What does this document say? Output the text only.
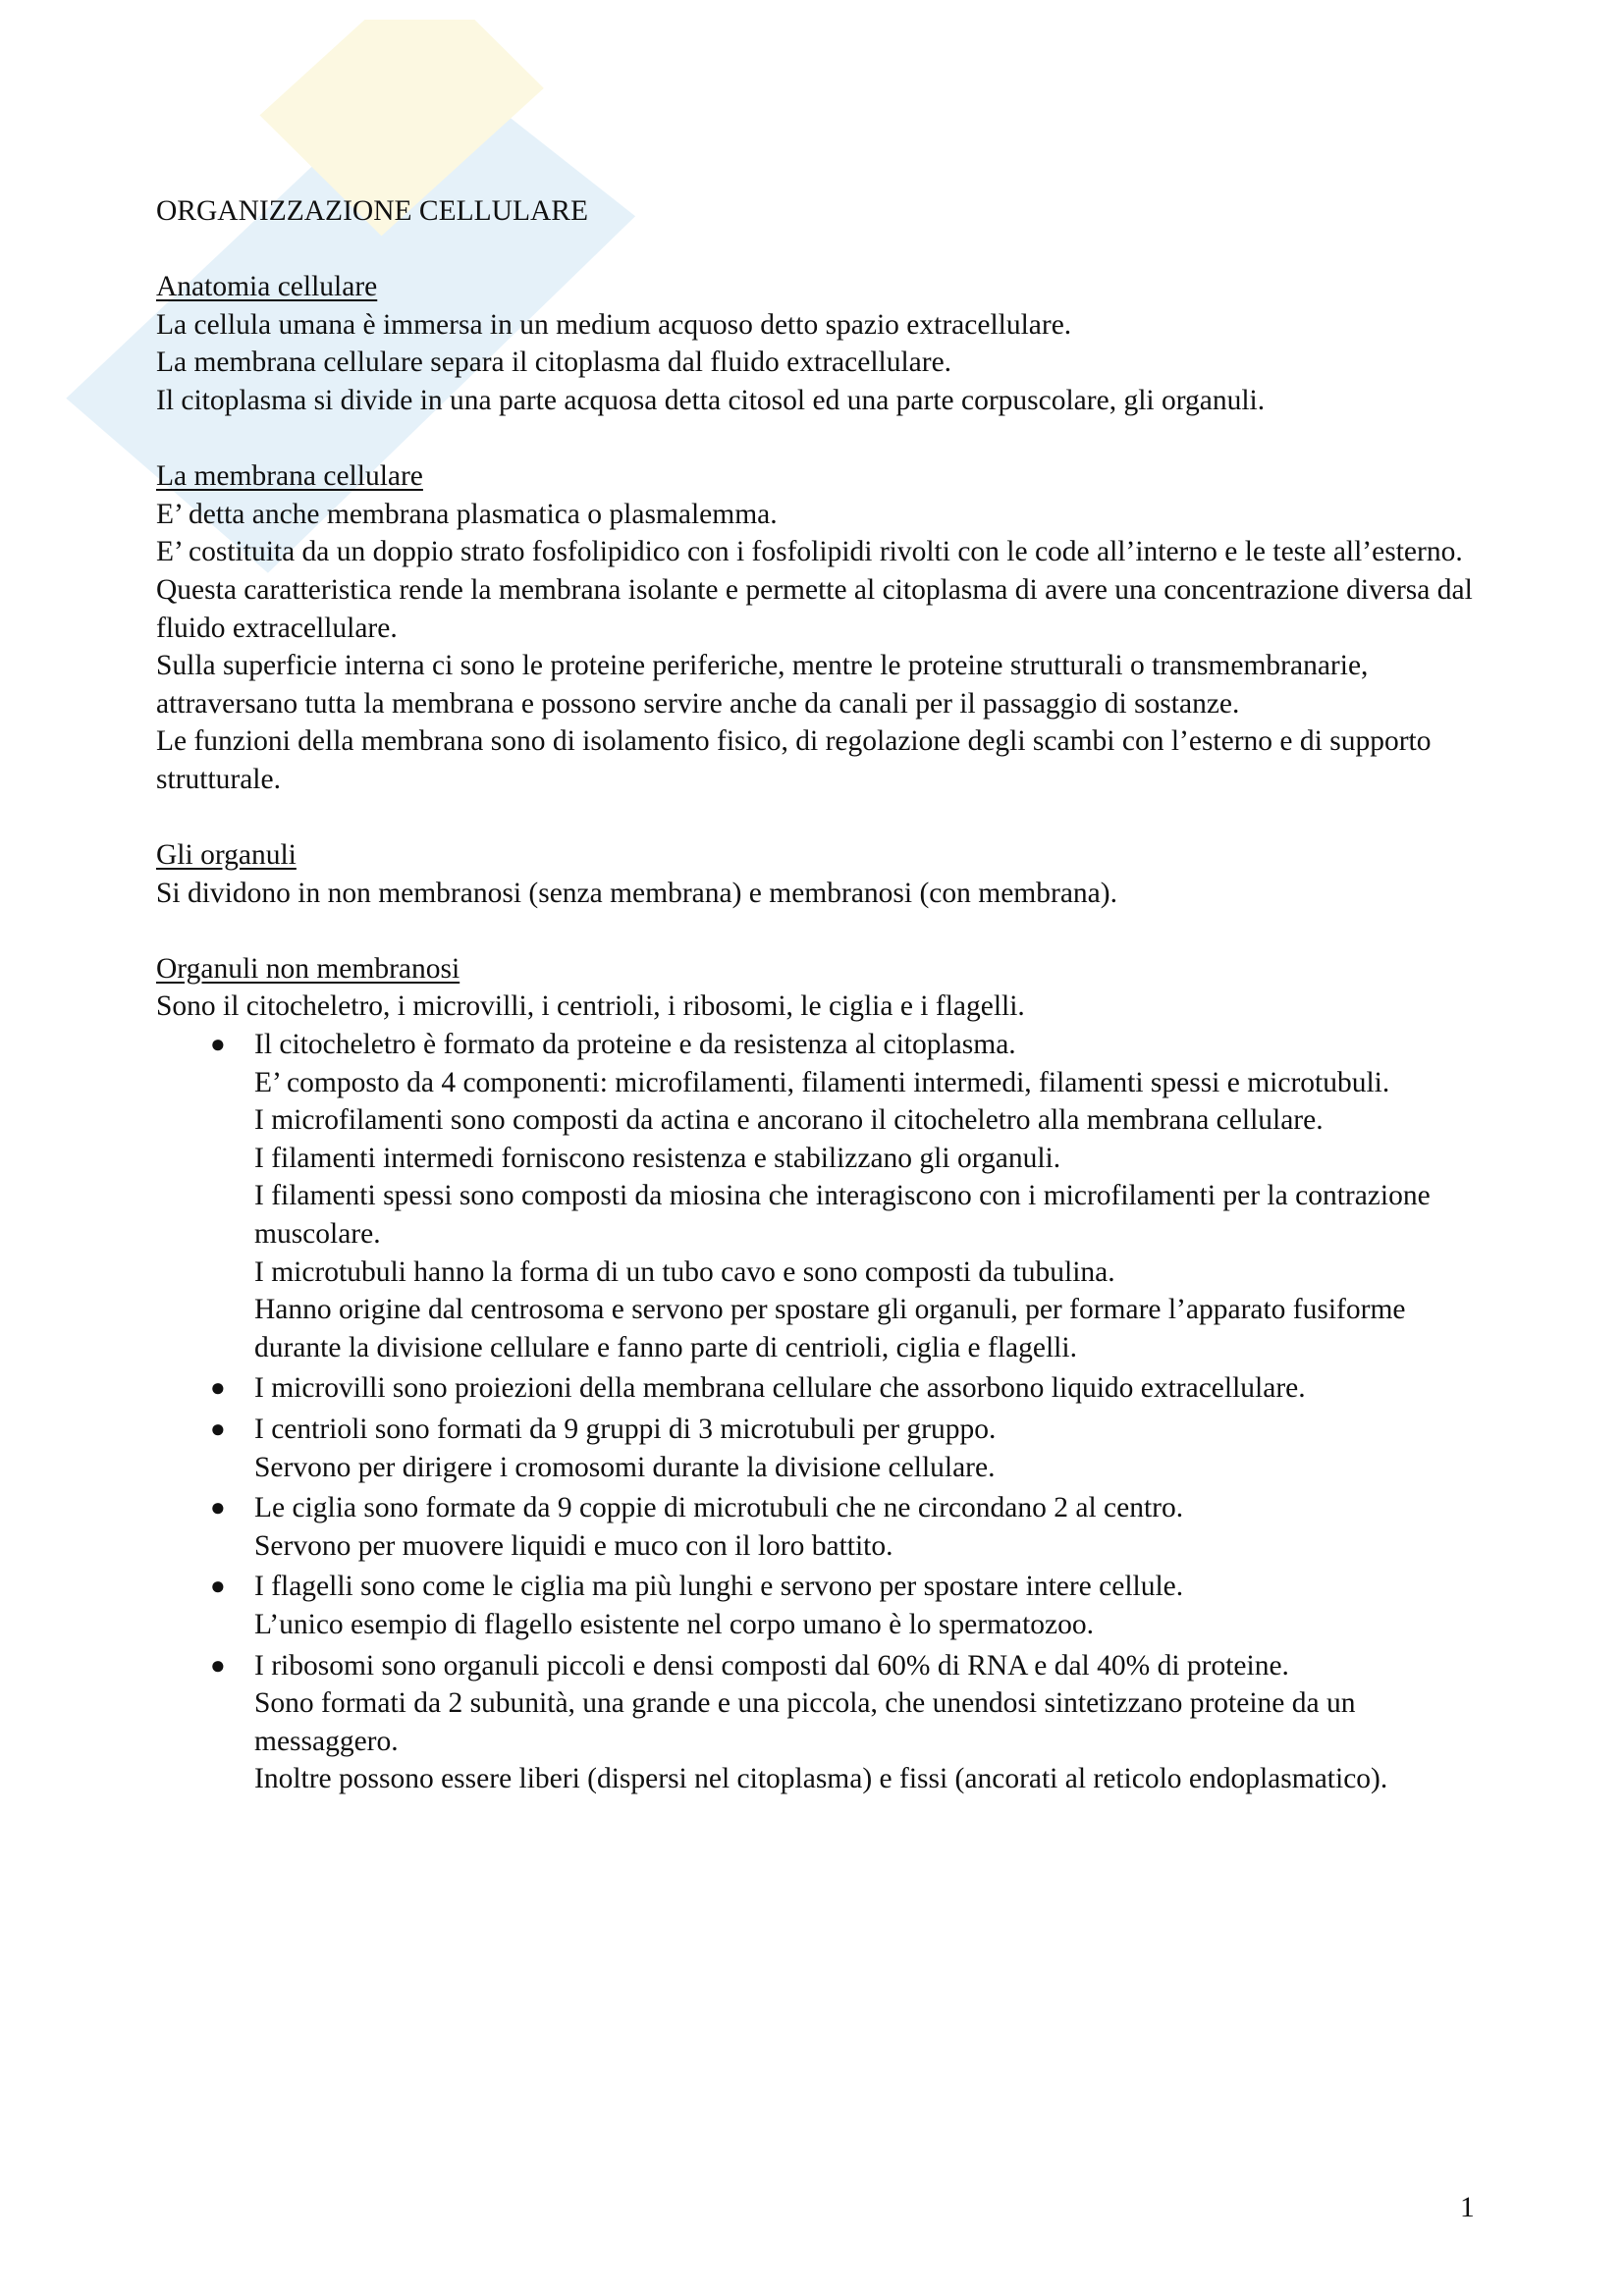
ORGANIZZAZIONE CELLULARE
Anatomia cellulare

La cellula umana è immersa in un medium acquoso detto spazio extracellulare.

La membrana cellulare separa il citoplasma dal fluido extracellulare.

Il citoplasma si divide in una parte acquosa detta citosol ed una parte corpuscolare, gli organuli.

La membrana cellulare

E’ detta anche membrana plasmatica o plasmalemma.

E’ costituita da un doppio strato fosfolipidico con i fosfolipidi rivolti con le code all’interno e le teste all’esterno.

Questa caratteristica rende la membrana isolante e permette al citoplasma di avere una concentrazione diversa dal fluido extracellulare.

Sulla superficie interna ci sono le proteine periferiche, mentre le proteine strutturali o transmembranarie, attraversano tutta la membrana e possono servire anche da canali per il passaggio di sostanze.

Le funzioni della membrana sono di isolamento fisico, di regolazione degli scambi con l’esterno e di supporto strutturale.

Gli organuli

Si dividono in non membranosi (senza membrana) e membranosi (con membrana).

Organuli non membranosi

Sono il citocheletro, i microvilli, i centrioli, i ribosomi, le ciglia e i flagelli.

● Il citocheletro è formato da proteine e da resistenza al citoplasma.
E’ composto da 4 componenti: microfilamenti, filamenti intermedi, filamenti spessi e microtubuli.
I microfilamenti sono composti da actina e ancorano il citocheletro alla membrana cellulare.
I filamenti intermedi forniscono resistenza e stabilizzano gli organuli.
I filamenti spessi sono composti da miosina che interagiscono con i microfilamenti per la contrazione muscolare.
I microtubuli hanno la forma di un tubo cavo e sono composti da tubulina.
Hanno origine dal centrosoma e servono per spostare gli organuli, per formare l’apparato fusiforme durante la divisione cellulare e fanno parte di centrioli, ciglia e flagelli.
● I microvilli sono proiezioni della membrana cellulare che assorbono liquido extracellulare.
● I centrioli sono formati da 9 gruppi di 3 microtubuli per gruppo.
Servono per dirigere i cromosomi durante la divisione cellulare.
● Le ciglia sono formate da 9 coppie di microtubuli che ne circondano 2 al centro.
Servono per muovere liquidi e muco con il loro battito.
● I flagelli sono come le ciglia ma più lunghi e servono per spostare intere cellule.
L’unico esempio di flagello esistente nel corpo umano è lo spermatozoo.
● I ribosomi sono organuli piccoli e densi composti dal 60% di RNA e dal 40% di proteine.
Sono formati da 2 subunità, una grande e una piccola, che unendosi sintetizzano proteine da un messaggero.
Inoltre possono essere liberi (dispersi nel citoplasma) e fissi (ancorati al reticolo endoplasmatico).
1
